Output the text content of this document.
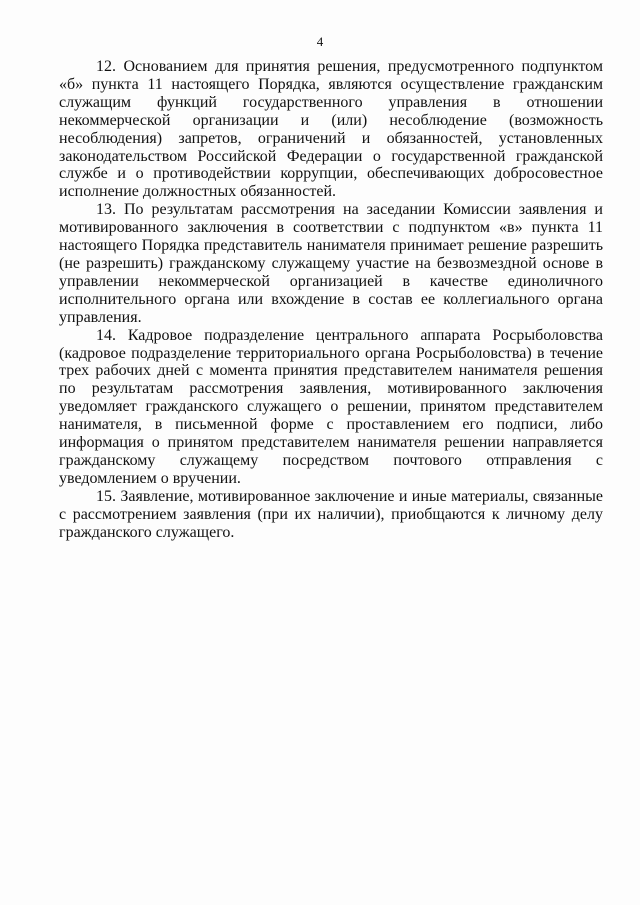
4

12. Основанием для принятия решения, предусмотренного подпунктом «б» пункта 11 настоящего Порядка, являются осуществление гражданским служащим функций государственного управления в отношении некоммерческой организации и (или) несоблюдение (возможность несоблюдения) запретов, ограничений и обязанностей, установленных законодательством Российской Федерации о государственной гражданской службе и о противодействии коррупции, обеспечивающих добросовестное исполнение должностных обязанностей.

13. По результатам рассмотрения на заседании Комиссии заявления и мотивированного заключения в соответствии с подпунктом «в» пункта 11 настоящего Порядка представитель нанимателя принимает решение разрешить (не разрешить) гражданскому служащему участие на безвозмездной основе в управлении некоммерческой организацией в качестве единоличного исполнительного органа или вхождение в состав ее коллегиального органа управления.

14. Кадровое подразделение центрального аппарата Росрыболовства (кадровое подразделение территориального органа Росрыболовства) в течение трех рабочих дней с момента принятия представителем нанимателя решения по результатам рассмотрения заявления, мотивированного заключения уведомляет гражданского служащего о решении, принятом представителем нанимателя, в письменной форме с проставлением его подписи, либо информация о принятом представителем нанимателя решении направляется гражданскому служащему посредством почтового отправления с уведомлением о вручении.

15. Заявление, мотивированное заключение и иные материалы, связанные с рассмотрением заявления (при их наличии), приобщаются к личному делу гражданского служащего.
